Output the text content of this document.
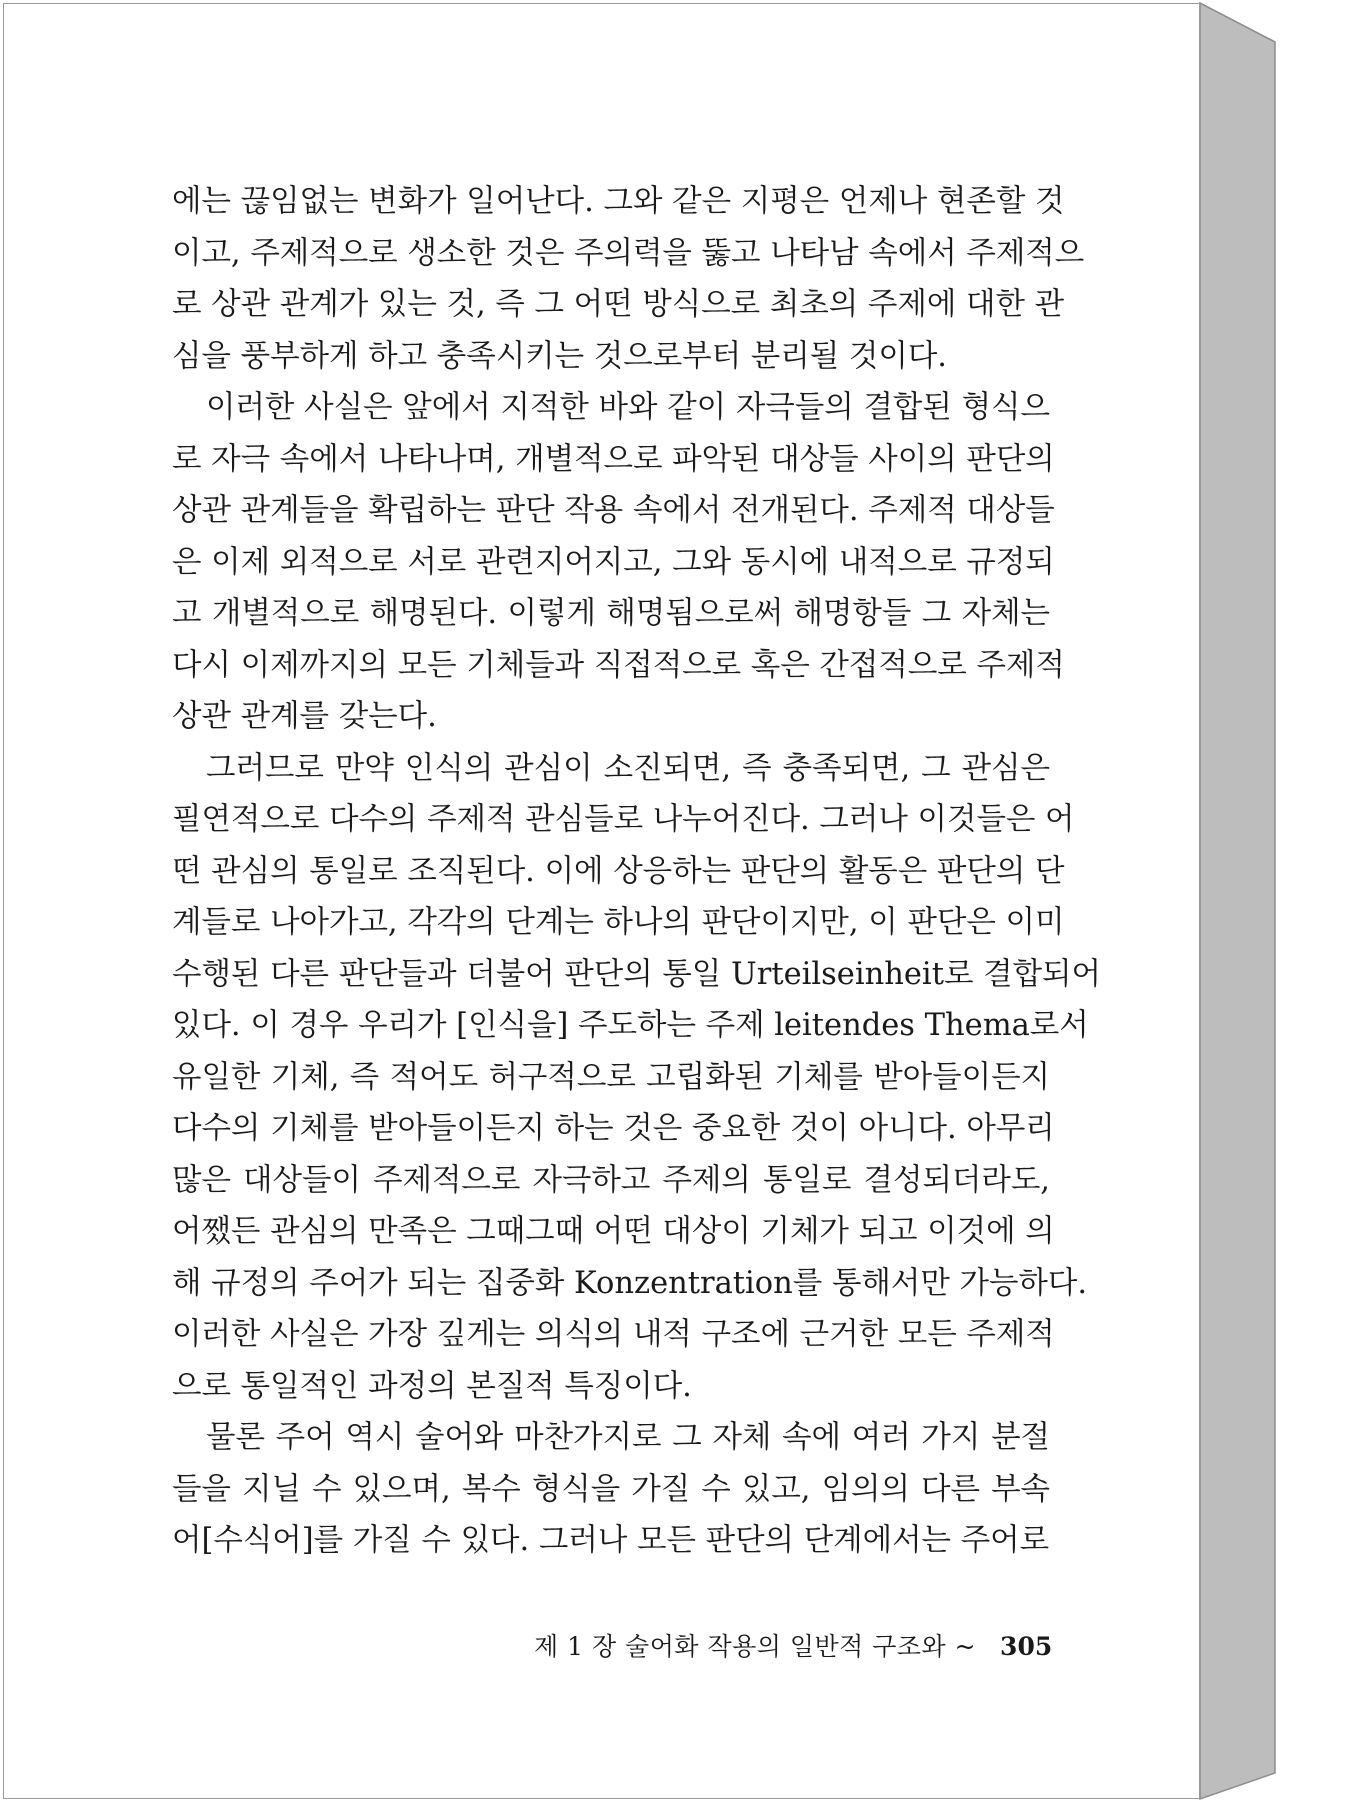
에는 끊임없는 변화가 일어난다. 그와 같은 지평은 언제나 현존할 것
이고, 주제적으로 생소한 것은 주의력을 뚫고 나타남 속에서 주제적으
로 상관 관계가 있는 것, 즉 그 어떤 방식으로 최초의 주제에 대한 관
심을 풍부하게 하고 충족시키는 것으로부터 분리될 것이다.
이러한 사실은 앞에서 지적한 바와 같이 자극들의 결합된 형식으
로 자극 속에서 나타나며, 개별적으로 파악된 대상들 사이의 판단의
상관 관계들을 확립하는 판단 작용 속에서 전개된다. 주제적 대상들
은 이제 외적으로 서로 관련지어지고, 그와 동시에 내적으로 규정되
고 개별적으로 해명된다. 이렇게 해명됨으로써 해명항들 그 자체는
다시 이제까지의 모든 기체들과 직접적으로 혹은 간접적으로 주제적
상관 관계를 갖는다.
그러므로 만약 인식의 관심이 소진되면, 즉 충족되면, 그 관심은
필연적으로 다수의 주제적 관심들로 나누어진다. 그러나 이것들은 어
떤 관심의 통일로 조직된다. 이에 상응하는 판단의 활동은 판단의 단
계들로 나아가고, 각각의 단계는 하나의 판단이지만, 이 판단은 이미
수행된 다른 판단들과 더불어 판단의 통일 Urteilseinheit로 결합되어
있다. 이 경우 우리가 [인식을] 주도하는 주제 leitendes Thema로서
유일한 기체, 즉 적어도 허구적으로 고립화된 기체를 받아들이든지
다수의 기체를 받아들이든지 하는 것은 중요한 것이 아니다. 아무리
많은 대상들이 주제적으로 자극하고 주제의 통일로 결성되더라도,
어쨌든 관심의 만족은 그때그때 어떤 대상이 기체가 되고 이것에 의
해 규정의 주어가 되는 집중화 Konzentration를 통해서만 가능하다.
이러한 사실은 가장 깊게는 의식의 내적 구조에 근거한 모든 주제적
으로 통일적인 과정의 본질적 특징이다.
물론 주어 역시 술어와 마찬가지로 그 자체 속에 여러 가지 분절
들을 지닐 수 있으며, 복수 형식을 가질 수 있고, 임의의 다른 부속
어[수식어]를 가질 수 있다. 그러나 모든 판단의 단계에서는 주어로
제 1 장 술어화 작용의 일반적 구조와 ~ 305
